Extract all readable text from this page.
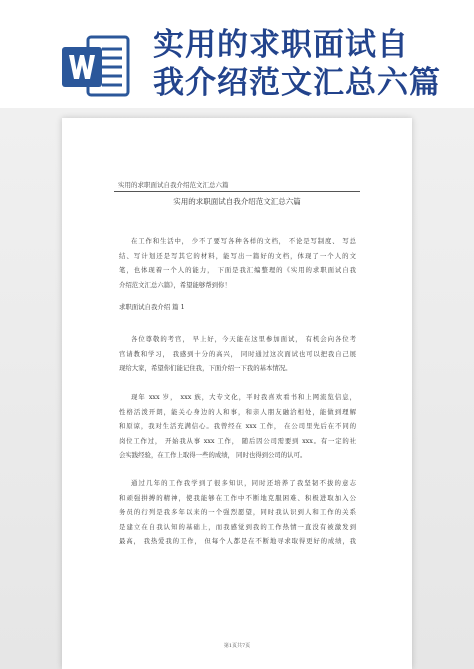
实用的求职面试自
我介绍范文汇总六篇
实用的求职面试自我介绍范文汇总六篇
实用的求职面试自我介绍范文汇总六篇
在工作和生活中， 少不了要写各种各样的文档， 不论是写制度、 写总
结、写计划还是写其它的材料，能写出一篇好的文档，体现了一个人的文
笔，也体现着一个人的能力， 下面是我汇编整理的《实用的求职面试自我
介绍范文汇总六篇》，希望能够帮到你！
求职面试自我介绍 篇 1
各位尊敬的考官， 早上好，今天能在这里参加面试， 有机会向各位考
官请教和学习， 我感到十分的高兴， 同时通过这次面试也可以把我自己展
现给大家，希望你们能记住我，下面介绍一下我的基本情况。
现年 xxx 岁， xxx 族，大专文化，平时我喜欢看书和上网流览信息，
性格活泼开朗，能关心身边的人和事，和亲人朋友融洽相处，能做到理解
和原谅，我对生活充满信心。我曾经在 xxx 工作， 在公司里先后在不同的
岗位工作过， 开始我从事 xxx 工作， 随后因公司需要到 xxx。有一定的社
会实践经验，在工作上取得一些的成绩， 同时也得到公司的认可。
通过几年的工作我学到了很多知识，同时还培养了我坚韧不拔的意志
和顽强拼搏的精神，使我能够在工作中不断地克服困难、积极进取加入公
务员的行列是我多年以来的一个强烈愿望，同时我认识到人和工作的关系
是建立在自我认知的基础上，而我感觉到我的工作热情一直没有被激发到
最高， 我热爱我的工作， 但每个人都是在不断地寻求取得更好的成绩，我
第1页共7页
